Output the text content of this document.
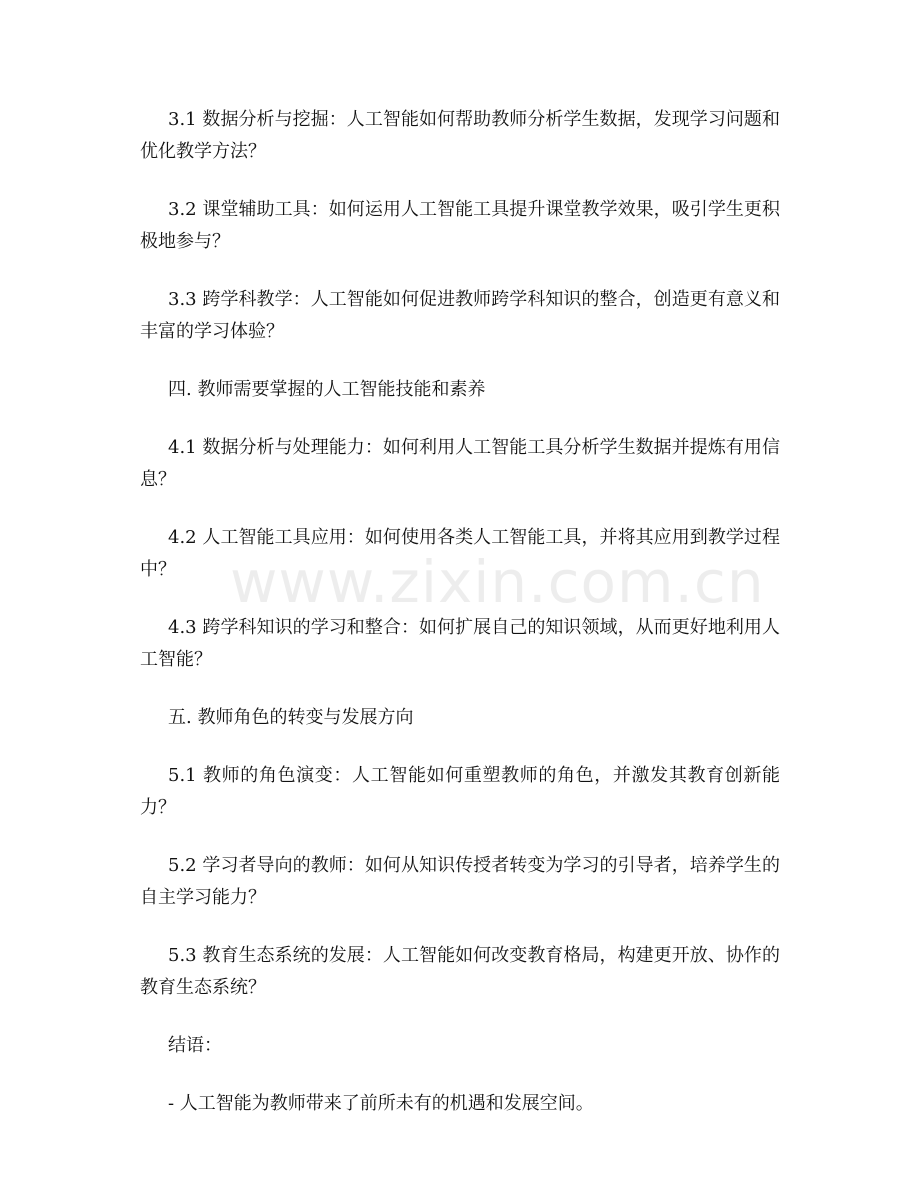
www.zixin.com.cn

3.1 数据分析与挖掘：人工智能如何帮助教师分析学生数据，发现学习问题和优化教学方法？

3.2 课堂辅助工具：如何运用人工智能工具提升课堂教学效果，吸引学生更积极地参与？

3.3 跨学科教学：人工智能如何促进教师跨学科知识的整合，创造更有意义和丰富的学习体验？

四. 教师需要掌握的人工智能技能和素养

4.1 数据分析与处理能力：如何利用人工智能工具分析学生数据并提炼有用信息？

4.2 人工智能工具应用：如何使用各类人工智能工具，并将其应用到教学过程中？

4.3 跨学科知识的学习和整合：如何扩展自己的知识领域，从而更好地利用人工智能？

五. 教师角色的转变与发展方向

5.1 教师的角色演变：人工智能如何重塑教师的角色，并激发其教育创新能力？

5.2 学习者导向的教师：如何从知识传授者转变为学习的引导者，培养学生的自主学习能力？

5.3 教育生态系统的发展：人工智能如何改变教育格局，构建更开放、协作的教育生态系统？

结语：

- 人工智能为教师带来了前所未有的机遇和发展空间。
